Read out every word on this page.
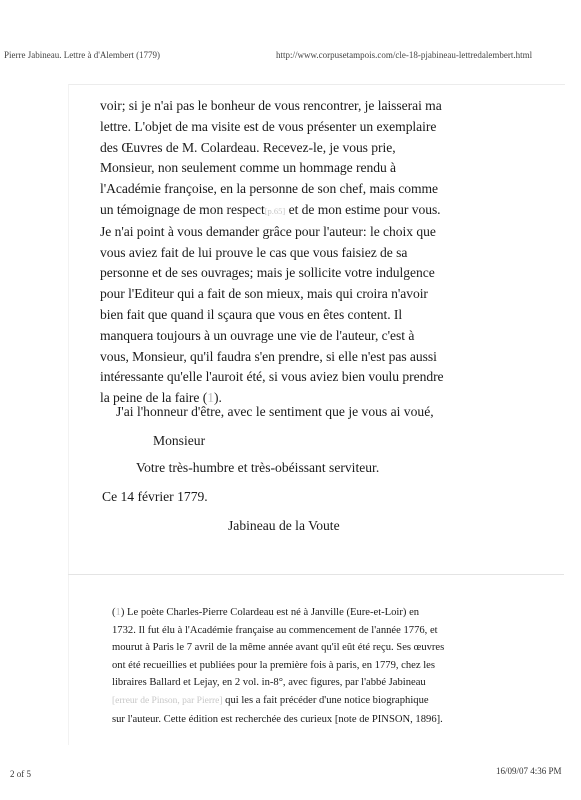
Pierre Jabineau. Lettre à d'Alembert (1779)	http://www.corpusetampois.com/cle-18-pjabineau-lettredalembert.html

voir; si je n'ai pas le bonheur de vous rencontrer, je laisserai ma

lettre. L'objet de ma visite est de vous présenter un exemplaire

des Œuvres de M. Colardeau. Recevez-le, je vous prie,

Monsieur, non seulement comme un hommage rendu à

l'Académie françoise, en la personne de son chef, mais comme

un témoignage de mon respect[p.65] et de mon estime pour vous.

Je n'ai point à vous demander grâce pour l'auteur: le choix que

vous aviez fait de lui prouve le cas que vous faisiez de sa

personne et de ses ouvrages; mais je sollicite votre indulgence

pour l'Editeur qui a fait de son mieux, mais qui croira n'avoir

bien fait que quand il sçaura que vous en êtes content. Il

manquera toujours à un ouvrage une vie de l'auteur, c'est à

vous, Monsieur, qu'il faudra s'en prendre, si elle n'est pas aussi

intéressante qu'elle l'auroit été, si vous aviez bien voulu prendre

la peine de la faire (1).

J'ai l'honneur d'être, avec le sentiment que je vous ai voué,
Monsieur
Votre très-humbre et très-obéissant serviteur.
Ce 14 février 1779.
Jabineau de la Voute

(1) Le poète Charles-Pierre Colardeau est né à Janville (Eure-et-Loir) en

1732. Il fut élu à l'Académie française au commencement de l'année 1776, et

mourut à Paris le 7 avril de la même année avant qu'il eût été reçu. Ses œuvres

ont été recueillies et publiées pour la première fois à paris, en 1779, chez les

libraires Ballard et Lejay, en 2 vol. in-8°, avec figures, par l'abbé Jabineau

[erreur de Pinson, par Pierre] qui les a fait précéder d'une notice biographique

sur l'auteur. Cette édition est recherchée des curieux [note de PINSON, 1896].

2 of 5	16/09/07 4:36 PM
